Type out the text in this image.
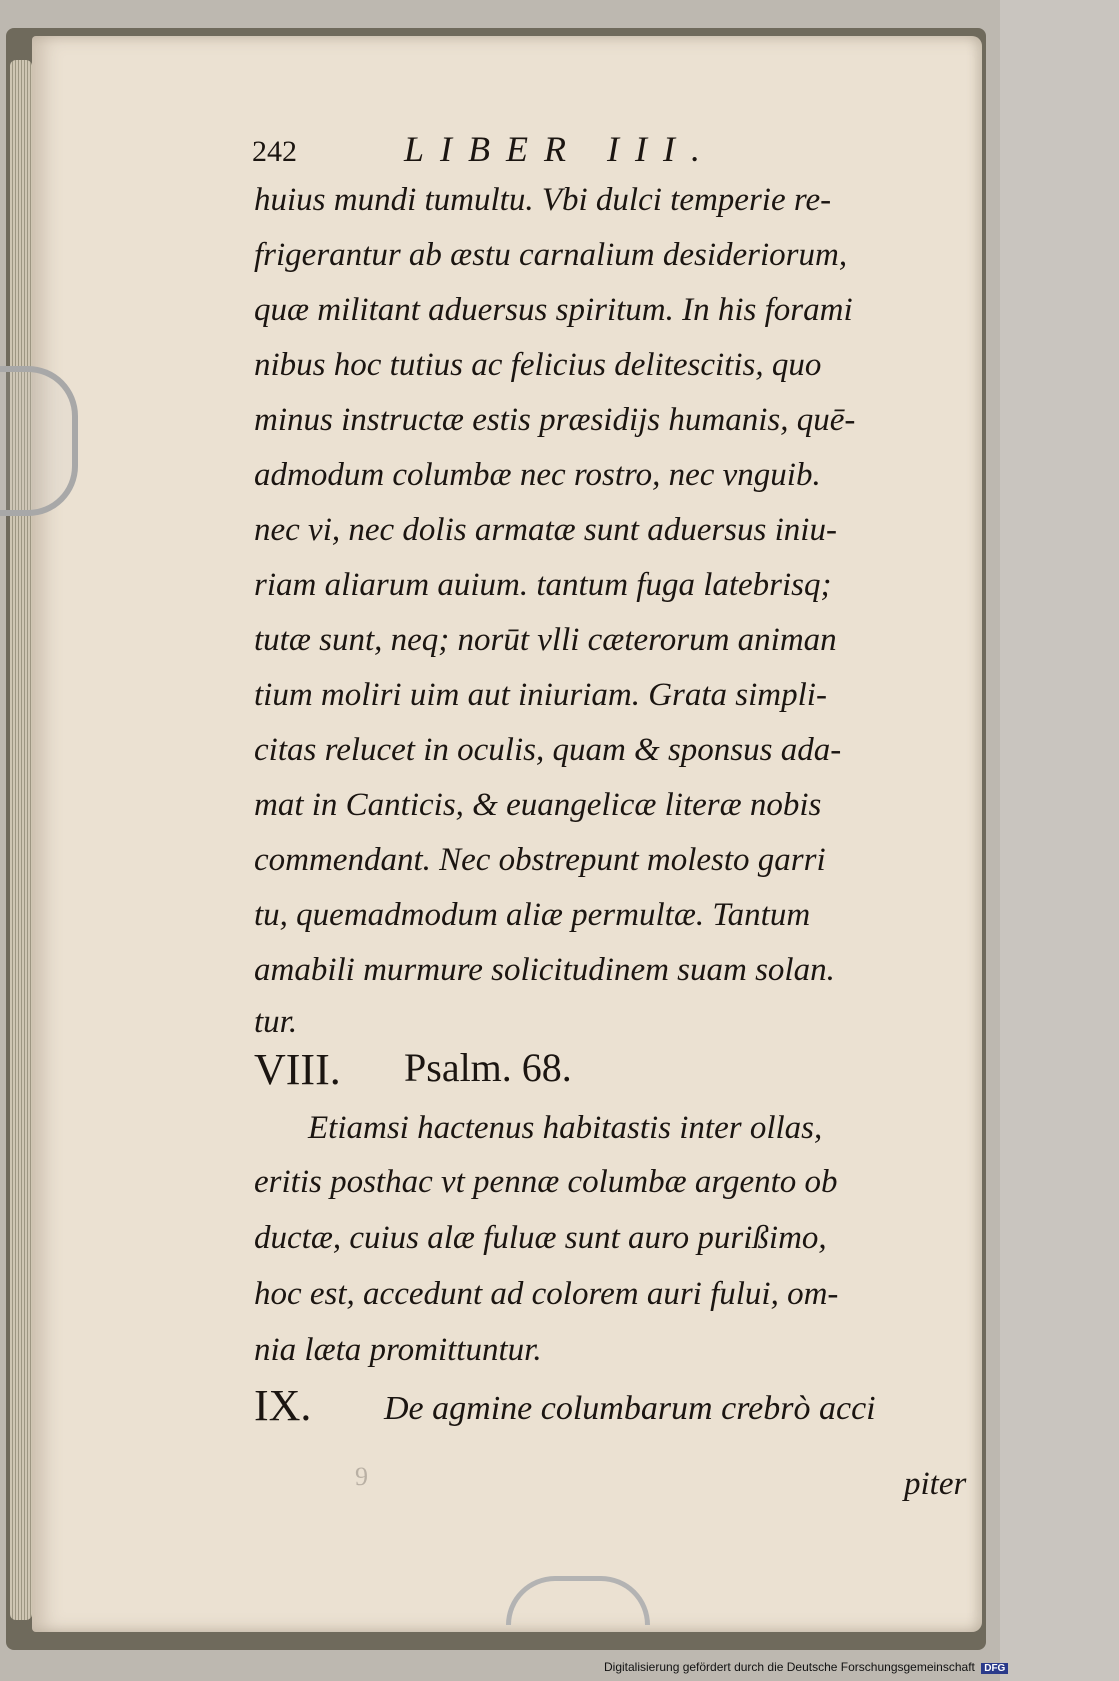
242	LIBER III.
huius mundi tumultu. Vbi dulci temperie re-
frigerantur ab æstu carnalium desideriorum,
quæ militant aduersus spiritum. In his forami
nibus hoc tutius ac felicius delitescitis, quo
minus instructæ estis præsidijs humanis, quē-
admodum columbæ nec rostro, nec vnguib.
nec vi, nec dolis armatæ sunt aduersus iniu-
riam aliarum auium. tantum fuga latebrisq;
tutæ sunt, neq; norūt vlli cæterorum animan
tium moliri uim aut iniuriam. Grata simpli-
citas relucet in oculis, quam & sponsus ada-
mat in Canticis, & euangelicæ literæ nobis
commendant. Nec obstrepunt molesto garri
tu, quemadmodum aliæ permultæ. Tantum
amabili murmure solicitudinem suam solan.
tur.
VIII. Psalm. 68.
Etiamsi hactenus habitastis inter ollas,
eritis posthac vt pennæ columbæ argento ob
ductæ, cuius alæ fuluæ sunt auro purißimo,
hoc est, accedunt ad colorem auri fului, om-
nia læta promittuntur.
IX. De agmine columbarum crebrò acci
piter
9
Digitalisierung gefördert durch die Deutsche Forschungsgemeinschaft DFG
